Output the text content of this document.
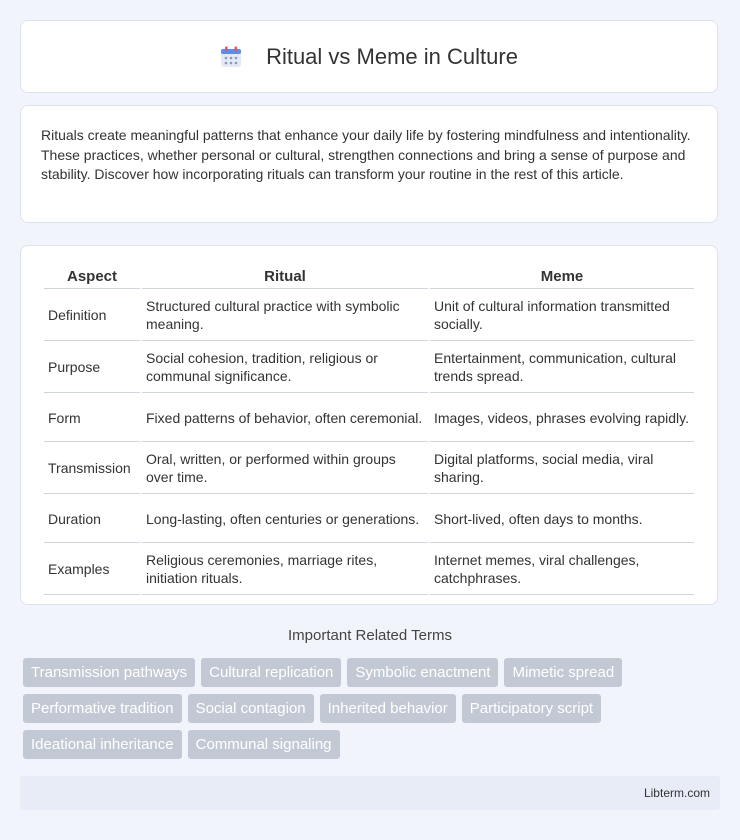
Ritual vs Meme in Culture

Rituals create meaningful patterns that enhance your daily life by fostering mindfulness and intentionality. These practices, whether personal or cultural, strengthen connections and bring a sense of purpose and stability. Discover how incorporating rituals can transform your routine in the rest of this article.

Aspect	Ritual	Meme
Definition	Structured cultural practice with symbolic meaning.	Unit of cultural information transmitted socially.
Purpose	Social cohesion, tradition, religious or communal significance.	Entertainment, communication, cultural trends spread.
Form	Fixed patterns of behavior, often ceremonial.	Images, videos, phrases evolving rapidly.
Transmission	Oral, written, or performed within groups over time.	Digital platforms, social media, viral sharing.
Duration	Long-lasting, often centuries or generations.	Short-lived, often days to months.
Examples	Religious ceremonies, marriage rites, initiation rituals.	Internet memes, viral challenges, catchphrases.
Important Related Terms
Transmission pathways Cultural replication Symbolic enactment Mimetic spread
Performative tradition Social contagion Inherited behavior Participatory script
Ideational inheritance Communal signaling
Libterm.com
